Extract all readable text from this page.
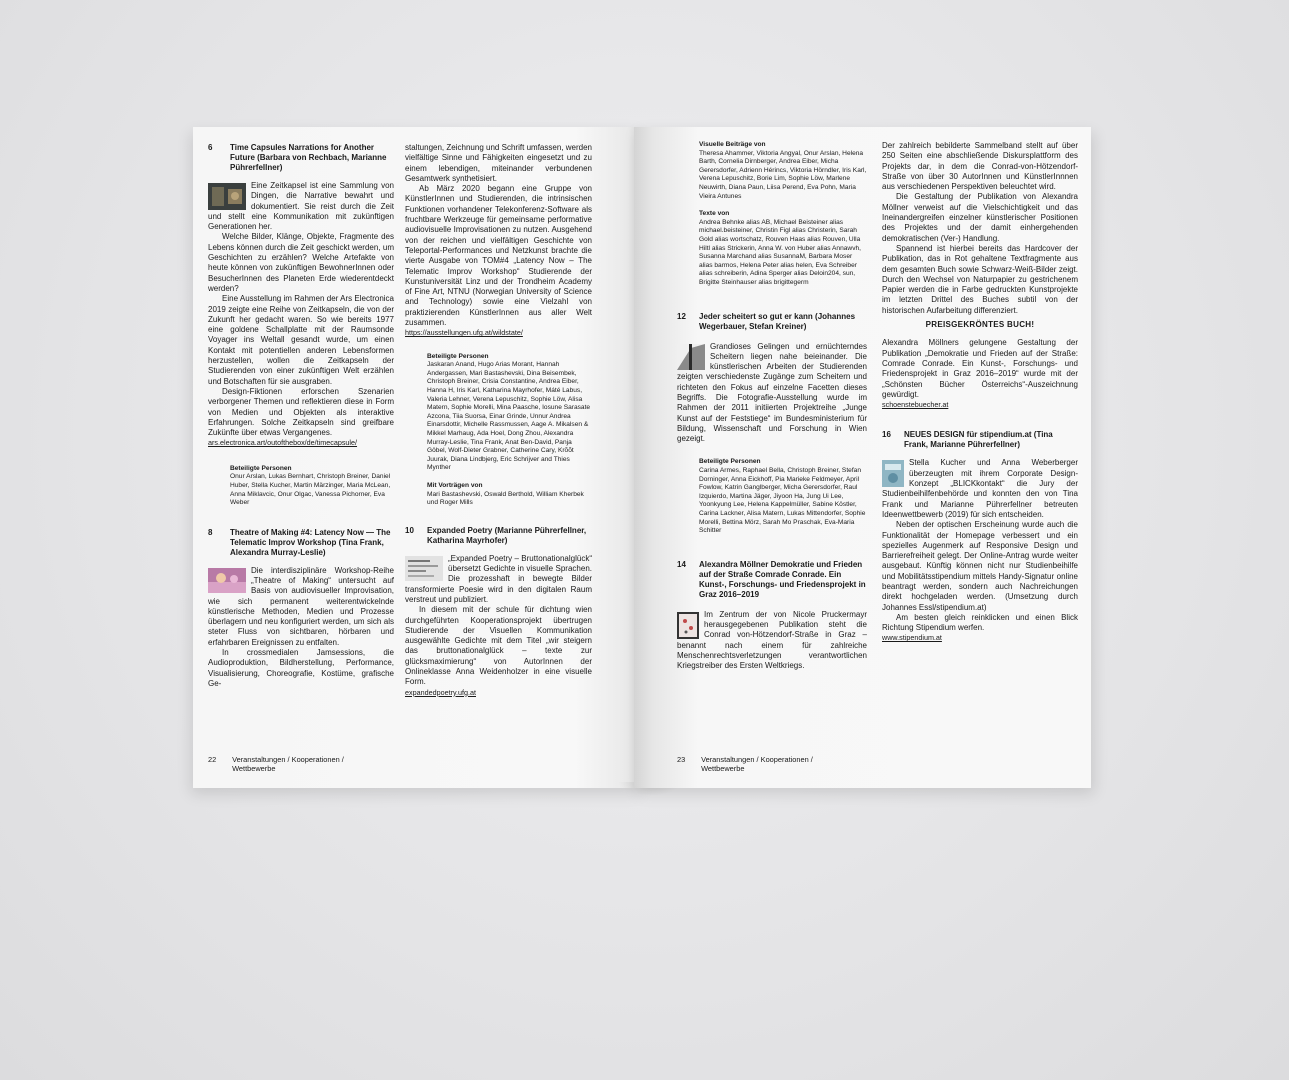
6	Time Capsules Narrations for Another Future (Barbara von Rechbach, Marianne Pührerfellner)

Eine Zeitkapsel ist eine Sammlung von Dingen, die Narrative bewahrt und dokumentiert. Sie reist durch die Zeit und stellt eine Kommunikation mit zukünftigen Generationen her.

Welche Bilder, Klänge, Objekte, Fragmente des Lebens können durch die Zeit geschickt werden, um Geschichten zu erzählen? Welche Artefakte von heute können von zukünftigen BewohnerInnen oder BesucherInnen des Planeten Erde wiederentdeckt werden?

Eine Ausstellung im Rahmen der Ars Electronica 2019 zeigte eine Reihe von Zeitkapseln, die von der Zukunft her gedacht waren. So wie bereits 1977 eine goldene Schallplatte mit der Raumsonde Voyager ins Weltall gesandt wurde, um einen Kontakt mit potentiellen anderen Lebensformen herzustellen, wollen die Zeitkapseln der Studierenden von einer zukünftigen Welt erzählen und Botschaften für sie ausgraben.

Design-Fiktionen erforschen Szenarien verborgener Themen und reflektieren diese in Form von Medien und Objekten als interaktive Erfahrungen. Solche Zeitkapseln sind greifbare Zukünfte über etwas Vergangenes.

ars.electronica.art/outofthebox/de/timecapsule/

Beteiligte Personen
Onur Arslan, Lukas Bernhart, Christoph Breiner, Daniel Huber, Stella Kucher, Martin Märzinger, Maria McLean, Anna Miklavcic, Onur Olgac, Vanessa Pichorner, Eva Weber
8	Theatre of Making #4: Latency Now — The Telematic Improv Workshop (Tina Frank, Alexandra Murray-Leslie)

Die interdisziplinäre Workshop-Reihe „Theatre of Making“ untersucht auf Basis von audiovisueller Improvisation, wie sich permanent weiterentwickelnde künstlerische Methoden, Medien und Prozesse überlagern und neu konfiguriert werden, um sich als steter Fluss von sichtbaren, hörbaren und erfahrbaren Ereignissen zu entfalten.

In crossmedialen Jamsessions, die Audioproduktion, Bildherstellung, Performance, Visualisierung, Choreografie, Kostüme, grafische Ge-

staltungen, Zeichnung und Schrift umfassen, werden vielfältige Sinne und Fähigkeiten eingesetzt und zu einem lebendigen, miteinander verbundenen Gesamtwerk synthetisiert.

Ab März 2020 begann eine Gruppe von KünstlerInnen und Studierenden, die intrinsischen Funktionen vorhandener Telekonferenz-Software als fruchtbare Werkzeuge für gemeinsame performative audiovisuelle Improvisationen zu nutzen. Ausgehend von der reichen und vielfältigen Geschichte von Teleportal-Performances und Netzkunst brachte die vierte Ausgabe von TOM#4 „Latency Now – The Telematic Improv Workshop“ Studierende der Kunstuniversität Linz und der Trondheim Academy of Fine Art, NTNU (Norwegian University of Science and Technology) sowie eine Vielzahl von praktizierenden KünstlerInnen aus aller Welt zusammen.

https://ausstellungen.ufg.at/wildstate/

Beteiligte Personen
Jaskaran Anand, Hugo Arias Morant, Hannah Andergassen, Mari Bastashevski, Dina Beisembek, Christoph Breiner, Crisia Constantine, Andrea Eiber, Hanna H, Iris Karl, Katharina Mayrhofer, Máté Labus, Valeria Lehner, Verena Lepuschitz, Sophie Löw, Alisa Matern, Sophie Morelli, Mina Paasche, Iosune Sarasate Azcona, Tiia Suorsa, Einar Grinde, Unnur Andrea Einarsdottir, Michelle Rassmussen, Aage A. Mikalsen & Mikkel Marhaug, Ada Hoel, Dong Zhou, Alexandra Murray-Leslie, Tina Frank, Anat Ben-David, Panja Göbel, Wolf-Dieter Grabner, Catherine Cary, Krõõt Juurak, Diana Lindbjerg, Eric Schrijver and Thies Mynther
Mit Vorträgen von
Mari Bastashevski, Oswald Berthold, William Kherbek und Roger Mills
10	Expanded Poetry (Marianne Pührerfellner, Katharina Mayrhofer)

„Expanded Poetry – Bruttonationalglück“ übersetzt Gedichte in visuelle Sprachen. Die prozesshaft in bewegte Bilder transformierte Poesie wird in den digitalen Raum verstreut und publiziert.

In diesem mit der schule für dichtung wien durchgeführten Kooperationsprojekt übertrugen Studierende der Visuellen Kommunikation ausgewählte Gedichte mit dem Titel „wir steigern das bruttonationalglück – texte zur glücksmaximierung“ von AutorInnen der Onlineklasse Anna Weidenholzer in eine visuelle Form.

expandedpoetry.ufg.at

22 Veranstaltungen / Kooperationen / Wettbewerbe
Visuelle Beiträge von
Theresa Ahammer, Viktoria Angyal, Onur Arslan, Helena Barth, Cornelia Dirnberger, Andrea Eiber, Micha Gerersdorfer, Adrienn Hérincs, Viktoria Hörndler, Iris Karl, Verena Lepuschitz, Borie Lim, Sophie Löw, Marlene Neuwirth, Diana Paun, Liisa Perend, Eva Pohn, Maria Vieira Antunes
Texte von
Andrea Behnke alias AB, Michael Beisteiner alias michael.beisteiner, Christin Figl alias Christerin, Sarah Gold alias wortschatz, Rouven Haas alias Rouven, Ulla Hiltl alias Strickerin, Anna W. von Huber alias Annawvh, Susanna Marchand alias SusannaM, Barbara Moser alias barmos, Helena Peter alias helen, Eva Schreiber alias schreiberin, Adina Sperger alias Deloin204, sun, Brigitte Steinhauser alias brigittegerm
12	Jeder scheitert so gut er kann (Johannes Wegerbauer, Stefan Kreiner)

Grandioses Gelingen und ernüchterndes Scheitern liegen nahe beieinander. Die künstlerischen Arbeiten der Studierenden zeigten verschiedenste Zugänge zum Scheitern und richteten den Fokus auf einzelne Facetten dieses Begriffs. Die Fotografie-Ausstellung wurde im Rahmen der 2011 initiierten Projektreihe „Junge Kunst auf der Feststiege“ im Bundesministerium für Bildung, Wissenschaft und Forschung in Wien gezeigt.

Beteiligte Personen
Carina Armes, Raphael Bella, Christoph Breiner, Stefan Dorninger, Anna Eickhoff, Pia Marieke Feldmeyer, April Fowlow, Katrin Ganglberger, Micha Gerersdorfer, Raul Izquierdo, Martina Jäger, Jiyoon Ha, Jung Ui Lee, Yoonkyung Lee, Helena Kappelmüller, Sabine Köstler, Carina Lackner, Alisa Matern, Lukas Mittendorfer, Sophie Morelli, Bettina Mörz, Sarah Mo Praschak, Eva-Maria Schitter
14	Alexandra Möllner Demokratie und Frieden auf der Straße Comrade Conrade. Ein Kunst-, Forschungs- und Friedensprojekt in Graz 2016–2019

Im Zentrum der von Nicole Pruckermayr herausgegebenen Publikation steht die Conrad von-Hötzendorf-Straße in Graz – benannt nach einem für zahlreiche Menschenrechtsverletzungen verantwortlichen Kriegstreiber des Ersten Weltkriegs.

Der zahlreich bebilderte Sammelband stellt auf über 250 Seiten eine abschließende Diskursplattform des Projekts dar, in dem die Conrad-von-Hötzendorf-Straße von über 30 AutorInnen und KünstlerInnnen aus verschiedenen Perspektiven beleuchtet wird.

Die Gestaltung der Publikation von Alexandra Möllner verweist auf die Vielschichtigkeit und das Ineinandergreifen einzelner künstlerischer Positionen des Projektes und der damit einhergehenden demokratischen (Ver-) Handlung.

Spannend ist hierbei bereits das Hardcover der Publikation, das in Rot gehaltene Textfragmente aus dem gesamten Buch sowie Schwarz-Weiß-Bilder zeigt. Durch den Wechsel von Naturpapier zu gestrichenem Papier werden die in Farbe gedruckten Kunstprojekte im letzten Drittel des Buches subtil von der historischen Aufarbeitung differenziert.

PREISGEKRÖNTES BUCH!

Alexandra Möllners gelungene Gestaltung der Publikation „Demokratie und Frieden auf der Straße: Comrade Conrade. Ein Kunst-, Forschungs- und Friedensprojekt in Graz 2016–2019“ wurde mit der „Schönsten Bücher Österreichs“-Auszeichnung gewürdigt.

schoenstebuecher.at

16	NEUES DESIGN für stipendium.at (Tina Frank, Marianne Pührerfellner)

Stella Kucher und Anna Weberberger überzeugten mit ihrem Corporate Design-Konzept „BLICKkontakt“ die Jury der Studienbeihilfenbehörde und konnten den von Tina Frank und Marianne Pührerfellner betreuten Ideenwettbewerb (2019) für sich entscheiden.

Neben der optischen Erscheinung wurde auch die Funktionalität der Homepage verbessert und ein spezielles Augenmerk auf Responsive Design und Barrierefreiheit gelegt. Der Online-Antrag wurde weiter ausgebaut. Künftig können nicht nur Studienbeihilfe und Mobilitätsstipendium mittels Handy-Signatur online beantragt werden, sondern auch Nachreichungen direkt hochgeladen werden. (Umsetzung durch Johannes Essl/stipendium.at)

Am besten gleich reinklicken und einen Blick Richtung Stipendium werfen.

www.stipendium.at

23 Veranstaltungen / Kooperationen / Wettbewerbe
